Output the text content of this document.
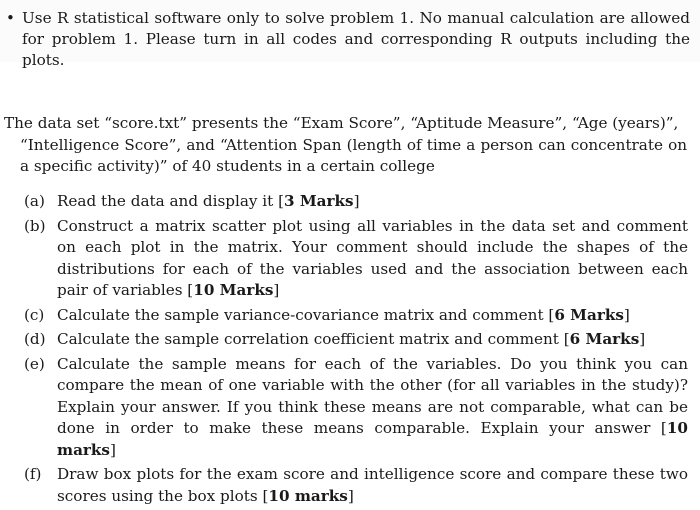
• Use R statistical software only to solve problem 1. No manual calculation are allowed for problem 1. Please turn in all codes and corresponding R outputs including the plots.
The data set “score.txt” presents the “Exam Score”, “Aptitude Measure”, “Age (years)”,
“Intelligence Score”, and “Attention Span (length of time a person can concentrate on a specific activity)” of 40 students in a certain college
(a) Read the data and display it [3 Marks]
(b) Construct a matrix scatter plot using all variables in the data set and comment on each plot in the matrix. Your comment should include the shapes of the distributions for each of the variables used and the association between each pair of variables [10 Marks]
(c) Calculate the sample variance-covariance matrix and comment [6 Marks]
(d) Calculate the sample correlation coefficient matrix and comment [6 Marks]
(e) Calculate the sample means for each of the variables. Do you think you can compare the mean of one variable with the other (for all variables in the study)? Explain your answer. If you think these means are not comparable, what can be done in order to make these means comparable. Explain your answer [10 marks]
(f) Draw box plots for the exam score and intelligence score and compare these two scores using the box plots [10 marks]
